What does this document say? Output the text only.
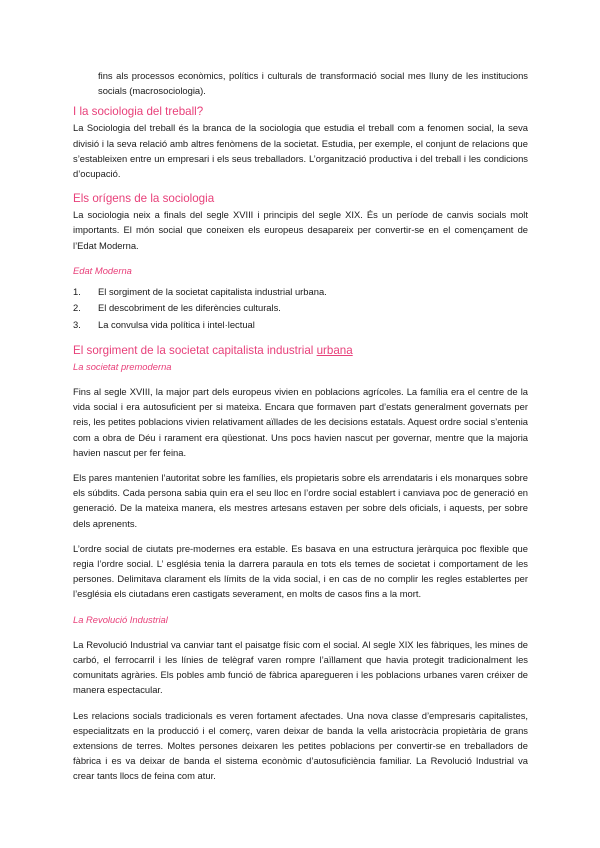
fins als processos econòmics, polítics i culturals de transformació social mes lluny de les institucions socials (macrosociologia).

I la sociologia del treball?

La Sociologia del treball és la branca de la sociologia que estudia el treball com a fenomen social, la seva divisió i la seva relació amb altres fenòmens de la societat. Estudia, per exemple, el conjunt de relacions que s’estableixen entre un empresari i els seus treballadors. L’organització productiva i del treball i les condicions d’ocupació.

Els orígens de la sociologia

La sociologia neix a finals del segle XVIII i principis del segle XIX. És un període de canvis socials molt importants. El món social que coneixen els europeus desapareix per convertir-se en el començament de l’Edat Moderna.

Edat Moderna
1.	El sorgiment de la societat capitalista industrial urbana.
2.	El descobriment de les diferències culturals.
3.	La convulsa vida política i intel·lectual
El sorgiment de la societat capitalista industrial urbana
La societat premoderna

Fins al segle XVIII, la major part dels europeus vivien en poblacions agrícoles. La família era el centre de la vida social i era autosuficient per si mateixa. Encara que formaven part d’estats generalment governats per reis, les petites poblacions vivien relativament aïllades de les decisions estatals. Aquest ordre social s’entenia com a obra de Déu i rarament era qüestionat. Uns pocs havien nascut per governar, mentre que la majoria havien nascut per fer feina.

Els pares mantenien l’autoritat sobre les famílies, els propietaris sobre els arrendataris i els monarques sobre els súbdits. Cada persona sabia quin era el seu lloc en l’ordre social establert i canviava poc de generació en generació. De la mateixa manera, els mestres artesans estaven per sobre dels oficials, i aquests, per sobre dels aprenents.

L’ordre social de ciutats pre-modernes era estable. Es basava en una estructura jeràrquica poc flexible que regia l’ordre social. L’ església tenia la darrera paraula en tots els temes de societat i comportament de les persones. Delimitava clarament els límits de la vida social, i en cas de no complir les regles establertes per l’església els ciutadans eren castigats severament, en molts de casos fins a la mort.

La Revolució Industrial

La Revolució Industrial va canviar tant el paisatge físic com el social. Al segle XIX les fàbriques, les mines de carbó, el ferrocarril i les línies de telègraf varen rompre l’aïllament que havia protegit tradicionalment les comunitats agràries. Els pobles amb funció de fàbrica aparegueren i les poblacions urbanes varen créixer de manera espectacular.

Les relacions socials tradicionals es veren fortament afectades. Una nova classe d’empresaris capitalistes, especialitzats en la producció i el comerç, varen deixar de banda la vella aristocràcia propietària de grans extensions de terres. Moltes persones deixaren les petites poblacions per convertir-se en treballadors de fàbrica i es va deixar de banda el sistema econòmic d’autosuficiència familiar. La Revolució Industrial va crear tants llocs de feina com atur.
